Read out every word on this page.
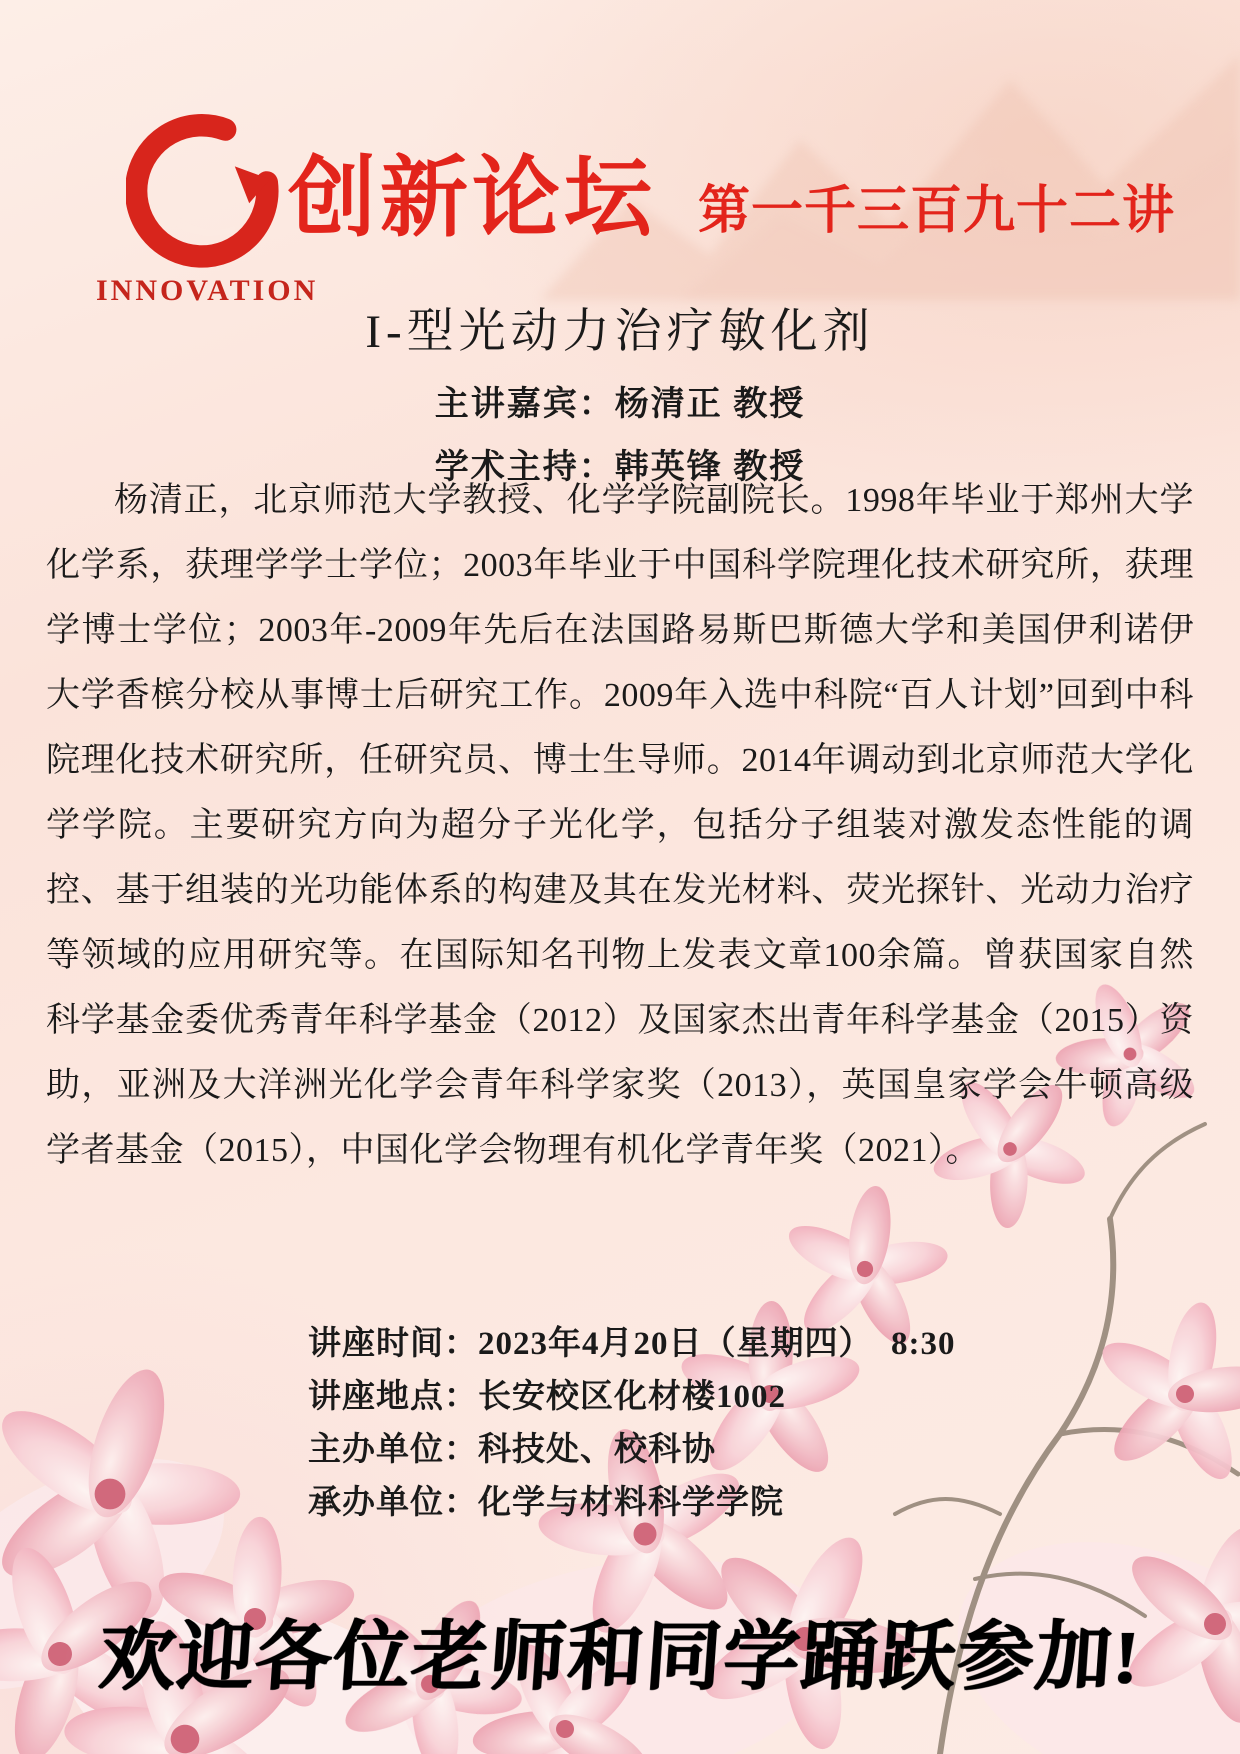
INNOVATION
创新论坛 第一千三百九十二讲
I-型光动力治疗敏化剂

主讲嘉宾：杨清正 教授

学术主持：韩英锋 教授

杨清正，北京师范大学教授、化学学院副院长。1998年毕业于郑州大学化学系，获理学学士学位；2003年毕业于中国科学院理化技术研究所，获理学博士学位；2003年-2009年先后在法国路易斯巴斯德大学和美国伊利诺伊大学香槟分校从事博士后研究工作。2009年入选中科院“百人计划”回到中科院理化技术研究所，任研究员、博士生导师。2014年调动到北京师范大学化学学院。主要研究方向为超分子光化学，包括分子组装对激发态性能的调控、基于组装的光功能体系的构建及其在发光材料、荧光探针、光动力治疗等领域的应用研究等。在国际知名刊物上发表文章100余篇。曾获国家自然科学基金委优秀青年科学基金（2012）及国家杰出青年科学基金（2015）资助，亚洲及大洋洲光化学会青年科学家奖（2013），英国皇家学会牛顿高级学者基金（2015），中国化学会物理有机化学青年奖（2021）。

讲座时间：2023年4月20日（星期四）  8:30

讲座地点：长安校区化材楼1002

主办单位：科技处、校科协

承办单位：化学与材料科学学院

欢迎各位老师和同学踊跃参加!
